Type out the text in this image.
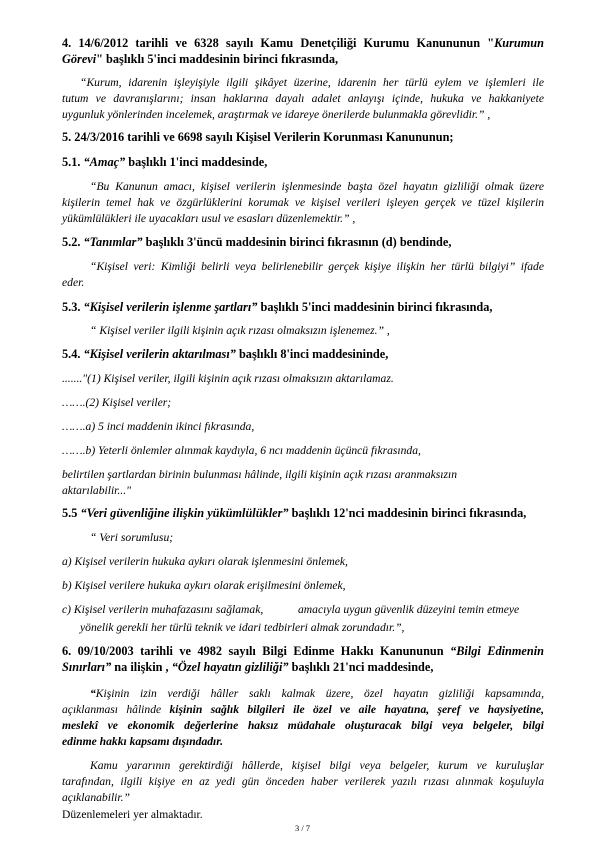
4. 14/6/2012 tarihli ve 6328 sayılı Kamu Denetçiliği Kurumu Kanununun "Kurumun
Görevi" başlıklı 5'inci maddesinin birinci fıkrasında,
“Kurum, idarenin işleyişiyle ilgili şikâyet üzerine, idarenin her türlü eylem ve işlemleri ile
tutum ve davranışlarını; insan haklarına dayalı adalet anlayışı içinde, hukuka ve hakkaniyete
uygunluk yönlerinden incelemek, araştırmak ve idareye önerilerde bulunmakla görevlidir.” ,
5. 24/3/2016 tarihli ve 6698 sayılı Kişisel Verilerin Korunması Kanununun;
5.1. “Amaç” başlıklı 1'inci maddesinde,
“Bu Kanunun amacı, kişisel verilerin işlenmesinde başta özel hayatın gizliliği olmak üzere
kişilerin temel hak ve özgürlüklerini korumak ve kişisel verileri işleyen gerçek ve tüzel kişilerin
yükümlülükleri ile uyacakları usul ve esasları düzenlemektir.” ,
5.2. “Tanımlar” başlıklı 3'üncü maddesinin birinci fıkrasının (d) bendinde,
“Kişisel veri: Kimliği belirli veya belirlenebilir gerçek kişiye ilişkin her türlü bilgiyi” ifade
eder.
5.3. “Kişisel verilerin işlenme şartları” başlıklı 5'inci maddesinin birinci fıkrasında,
“ Kişisel veriler ilgili kişinin açık rızası olmaksızın işlenemez.” ,
5.4. “Kişisel verilerin aktarılması” başlıklı 8'inci maddesininde,
......."(1) Kişisel veriler, ilgili kişinin açık rızası olmaksızın aktarılamaz.
…….(2) Kişisel veriler;
…….a) 5 inci maddenin ikinci fıkrasında,
…….b) Yeterli önlemler alınmak kaydıyla, 6 ncı maddenin üçüncü fıkrasında,
belirtilen şartlardan birinin bulunması hâlinde, ilgili kişinin açık rızası aranmaksızın
aktarılabilir..."
5.5 “Veri güvenliğine ilişkin yükümlülükler” başlıklı 12'nci maddesinin birinci fıkrasında,
“ Veri sorumlusu;
a) Kişisel verilerin hukuka aykırı olarak işlenmesini önlemek,
b) Kişisel verilere hukuka aykırı olarak erişilmesini önlemek,
c) Kişisel verilerin muhafazasını sağlamak,	amacıyla uygun güvenlik düzeyini temin etmeye
yönelik gerekli her türlü teknik ve idari tedbirleri almak zorundadır.”,
6. 09/10/2003 tarihli ve 4982 sayılı Bilgi Edinme Hakkı Kanununun “Bilgi Edinmenin
Sınırları” na ilişkin , “Özel hayatın gizliliği” başlıklı 21'nci maddesinde,
“Kişinin izin verdiği hâller saklı kalmak üzere, özel hayatın gizliliği kapsamında,
açıklanması hâlinde kişinin sağlık bilgileri ile özel ve aile hayatına, şeref ve haysiyetine,
meslekî ve ekonomik değerlerine haksız müdahale oluşturacak bilgi veya belgeler, bilgi
edinme hakkı kapsamı dışındadır.
Kamu yararının gerektirdiği hâllerde, kişisel bilgi veya belgeler, kurum ve kuruluşlar
tarafından, ilgili kişiye en az yedi gün önceden haber verilerek yazılı rızası alınmak koşuluyla
açıklanabilir.”
Düzenlemeleri yer almaktadır.
3 / 7
